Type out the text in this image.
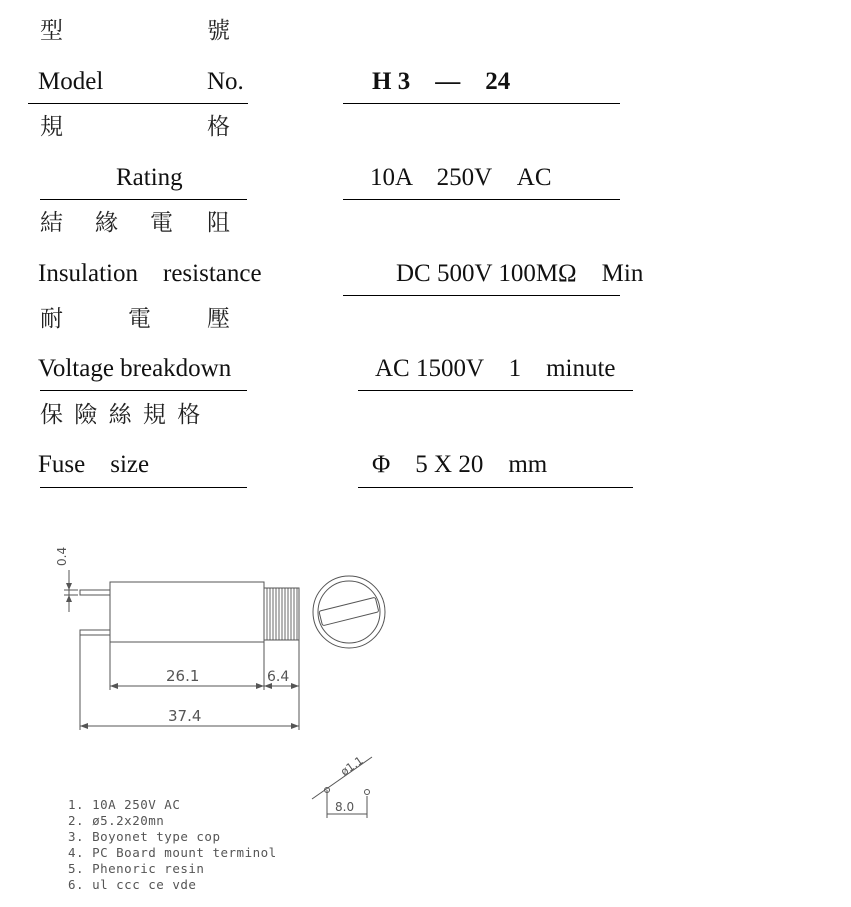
型	號
Model	No.	H 3　—　24
規	格
Rating	10A　250V　AC
結 緣 電 阻
Insulation　resistance	DC 500V 100MΩ　Min
耐	電 壓
Voltage breakdown	AC 1500V　1　minute
保 險 絲 規 格
Fuse　size	Φ　5 X 20　mm
26.1	6.4
37.4
0.4
ø1.1
8.0
1. 10A 250V AC
2. ø5.2x20mn
3. Boyonet type cop
4. PC Board mount terminol
5. Phenoric resin
6. ul ccc ce vde
